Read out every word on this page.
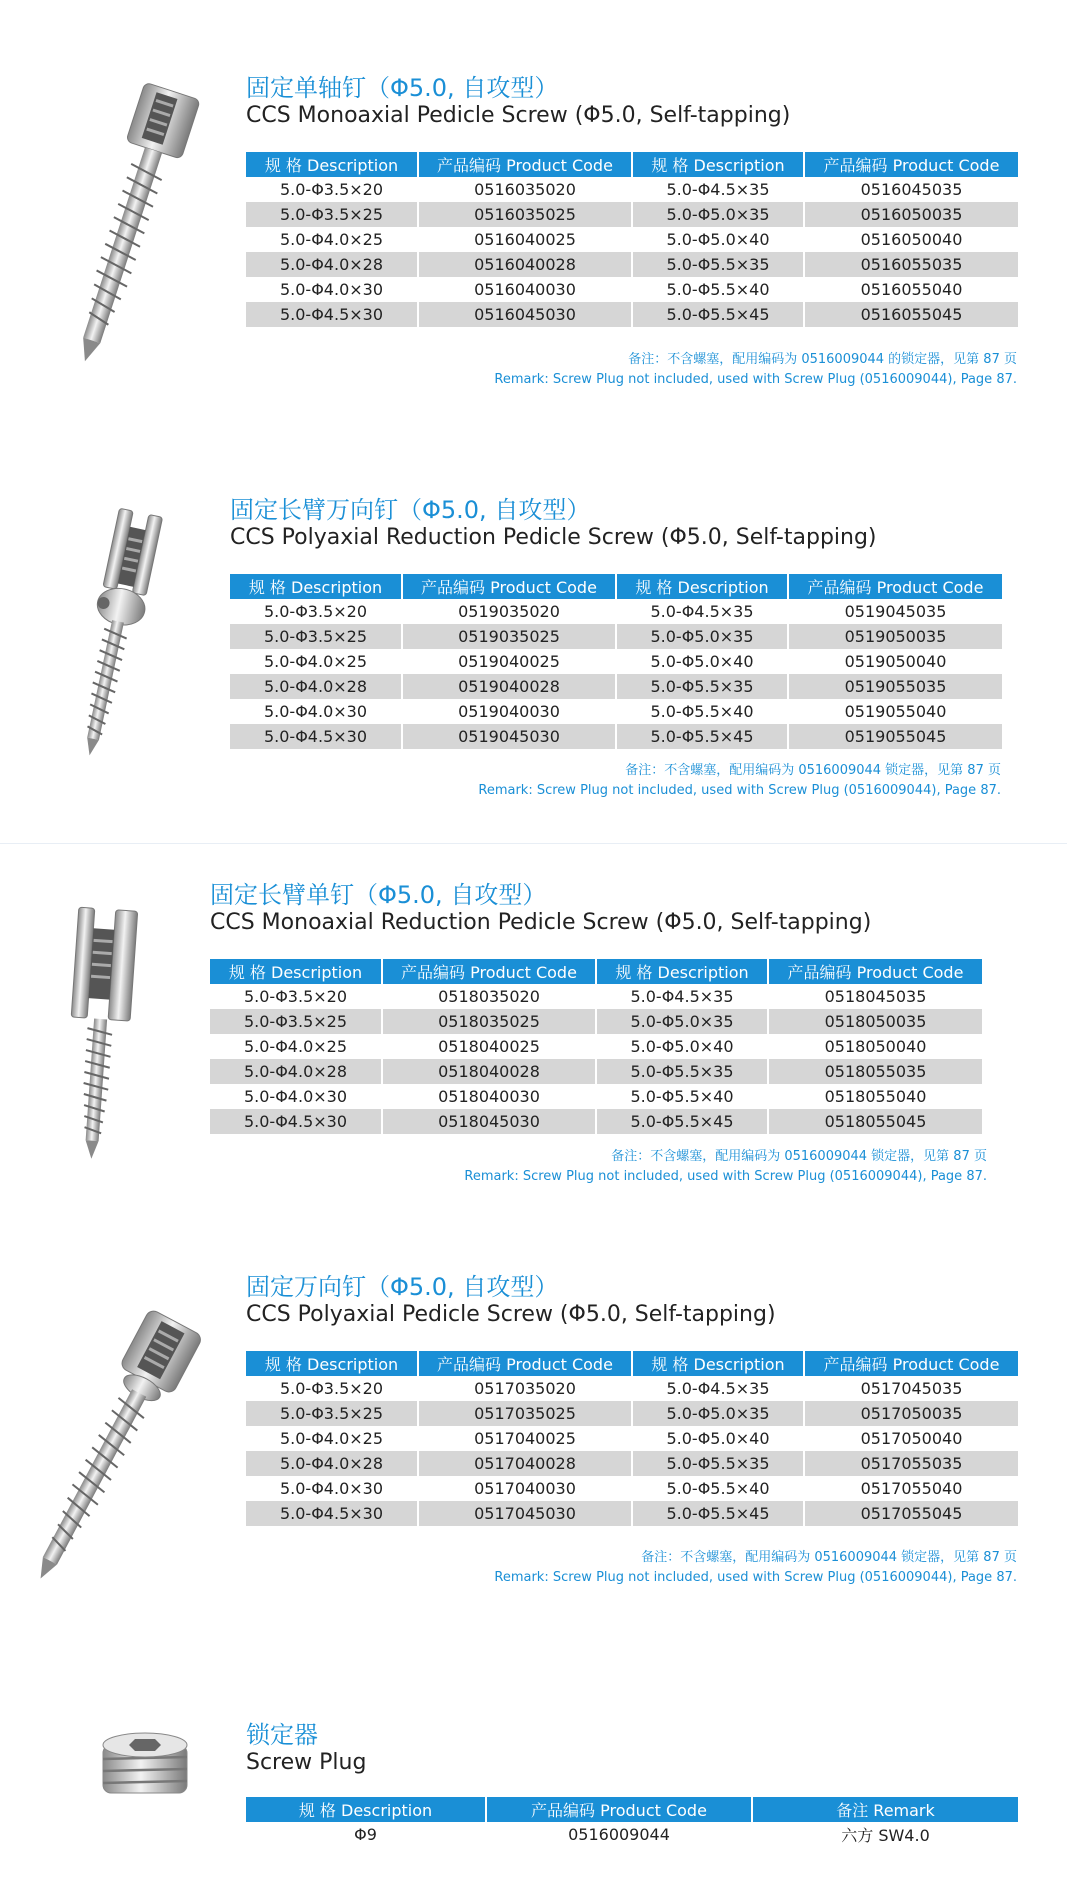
固定单轴钉（Φ5.0, 自攻型）
CCS Monoaxial Pedicle Screw (Φ5.0, Self-tapping)
规 格 Description	产品编码 Product Code	规 格 Description	产品编码 Product Code
5.0-Φ3.5×20	0516035020	5.0-Φ4.5×35	0516045035
5.0-Φ3.5×25	0516035025	5.0-Φ5.0×35	0516050035
5.0-Φ4.0×25	0516040025	5.0-Φ5.0×40	0516050040
5.0-Φ4.0×28	0516040028	5.0-Φ5.5×35	0516055035
5.0-Φ4.0×30	0516040030	5.0-Φ5.5×40	0516055040
5.0-Φ4.5×30	0516045030	5.0-Φ5.5×45	0516055045
备注：不含螺塞，配用编码为 0516009044 的锁定器，见第 87 页
Remark: Screw Plug not included, used with Screw Plug (0516009044), Page 87.
固定长臂万向钉（Φ5.0, 自攻型）
CCS Polyaxial Reduction Pedicle Screw (Φ5.0, Self-tapping)
规 格 Description	产品编码 Product Code	规 格 Description	产品编码 Product Code
5.0-Φ3.5×20	0519035020	5.0-Φ4.5×35	0519045035
5.0-Φ3.5×25	0519035025	5.0-Φ5.0×35	0519050035
5.0-Φ4.0×25	0519040025	5.0-Φ5.0×40	0519050040
5.0-Φ4.0×28	0519040028	5.0-Φ5.5×35	0519055035
5.0-Φ4.0×30	0519040030	5.0-Φ5.5×40	0519055040
5.0-Φ4.5×30	0519045030	5.0-Φ5.5×45	0519055045
备注：不含螺塞，配用编码为 0516009044 锁定器，见第 87 页
Remark: Screw Plug not included, used with Screw Plug (0516009044), Page 87.
固定长臂单钉（Φ5.0, 自攻型）
CCS Monoaxial Reduction Pedicle Screw (Φ5.0, Self-tapping)
规 格 Description	产品编码 Product Code	规 格 Description	产品编码 Product Code
5.0-Φ3.5×20	0518035020	5.0-Φ4.5×35	0518045035
5.0-Φ3.5×25	0518035025	5.0-Φ5.0×35	0518050035
5.0-Φ4.0×25	0518040025	5.0-Φ5.0×40	0518050040
5.0-Φ4.0×28	0518040028	5.0-Φ5.5×35	0518055035
5.0-Φ4.0×30	0518040030	5.0-Φ5.5×40	0518055040
5.0-Φ4.5×30	0518045030	5.0-Φ5.5×45	0518055045
备注：不含螺塞，配用编码为 0516009044 锁定器，见第 87 页
Remark: Screw Plug not included, used with Screw Plug (0516009044), Page 87.
固定万向钉（Φ5.0, 自攻型）
CCS Polyaxial Pedicle Screw (Φ5.0, Self-tapping)
规 格 Description	产品编码 Product Code	规 格 Description	产品编码 Product Code
5.0-Φ3.5×20	0517035020	5.0-Φ4.5×35	0517045035
5.0-Φ3.5×25	0517035025	5.0-Φ5.0×35	0517050035
5.0-Φ4.0×25	0517040025	5.0-Φ5.0×40	0517050040
5.0-Φ4.0×28	0517040028	5.0-Φ5.5×35	0517055035
5.0-Φ4.0×30	0517040030	5.0-Φ5.5×40	0517055040
5.0-Φ4.5×30	0517045030	5.0-Φ5.5×45	0517055045
备注：不含螺塞，配用编码为 0516009044 锁定器，见第 87 页
Remark: Screw Plug not included, used with Screw Plug (0516009044), Page 87.
锁定器
Screw Plug
规 格 Description	产品编码 Product Code	备注 Remark
Φ9	0516009044	六方 SW4.0
